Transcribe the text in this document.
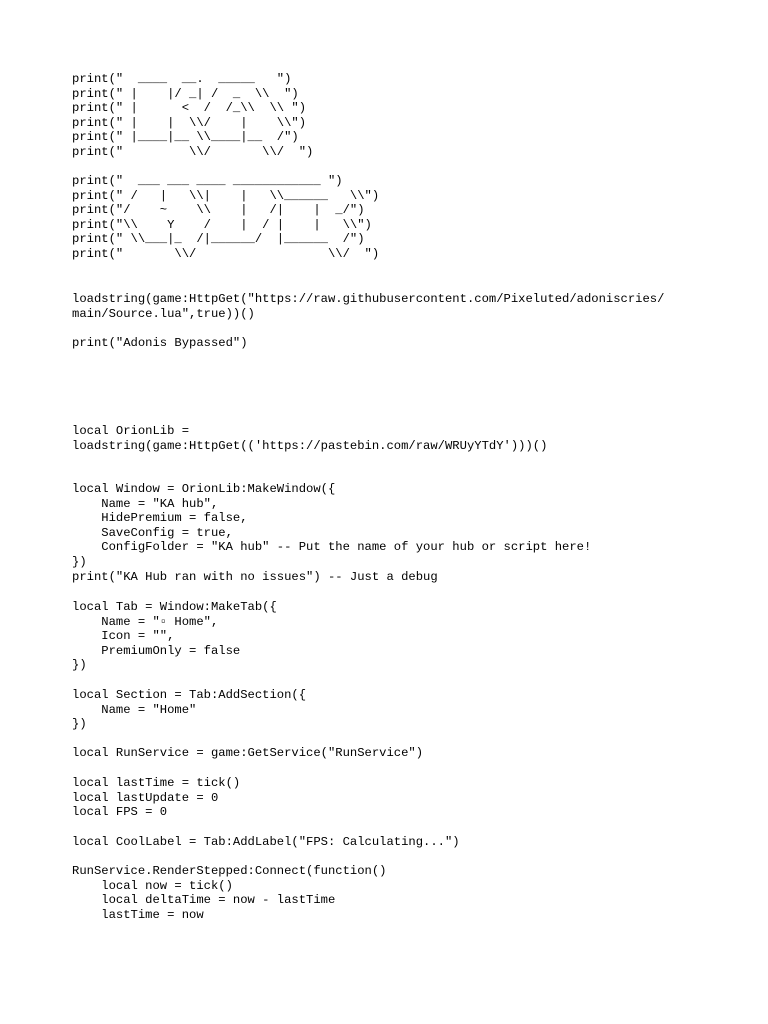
print("  ____  __.  _____   ")
print(" |    |/ _| /  _  \\  ")
print(" |      <  /  /_\\  \\ ")
print(" |    |  \\/    |    \\")
print(" |____|__ \\____|__  /")
print("         \\/       \\/  ")
print("  ___ ___ ____ ____________ ")
print(" /   |   \\|    |   \\______   \\")
print("/    ~    \\    |   /|    |  _/")
print("\\    Y    /    |  / |    |   \\")
print(" \\___|_  /|______/  |______  /")
print("       \\/                  \\/  ")
loadstring(game:HttpGet("https://raw.githubusercontent.com/Pixeluted/adoniscries/
main/Source.lua",true))()
print("Adonis Bypassed")
local OrionLib =
loadstring(game:HttpGet(('https://pastebin.com/raw/WRUyYTdY')))()
local Window = OrionLib:MakeWindow({
Name = "KA hub",
HidePremium = false,
SaveConfig = true,
ConfigFolder = "KA hub" -- Put the name of your hub or script here!
})
print("KA Hub ran with no issues") -- Just a debug
local Tab = Window:MakeTab({
Name = "▫ Home",
Icon = "",
PremiumOnly = false
})
local Section = Tab:AddSection({
Name = "Home"
})
local RunService = game:GetService("RunService")
local lastTime = tick()
local lastUpdate = 0
local FPS = 0
local CoolLabel = Tab:AddLabel("FPS: Calculating...")
RunService.RenderStepped:Connect(function()
local now = tick()
local deltaTime = now - lastTime
lastTime = now
